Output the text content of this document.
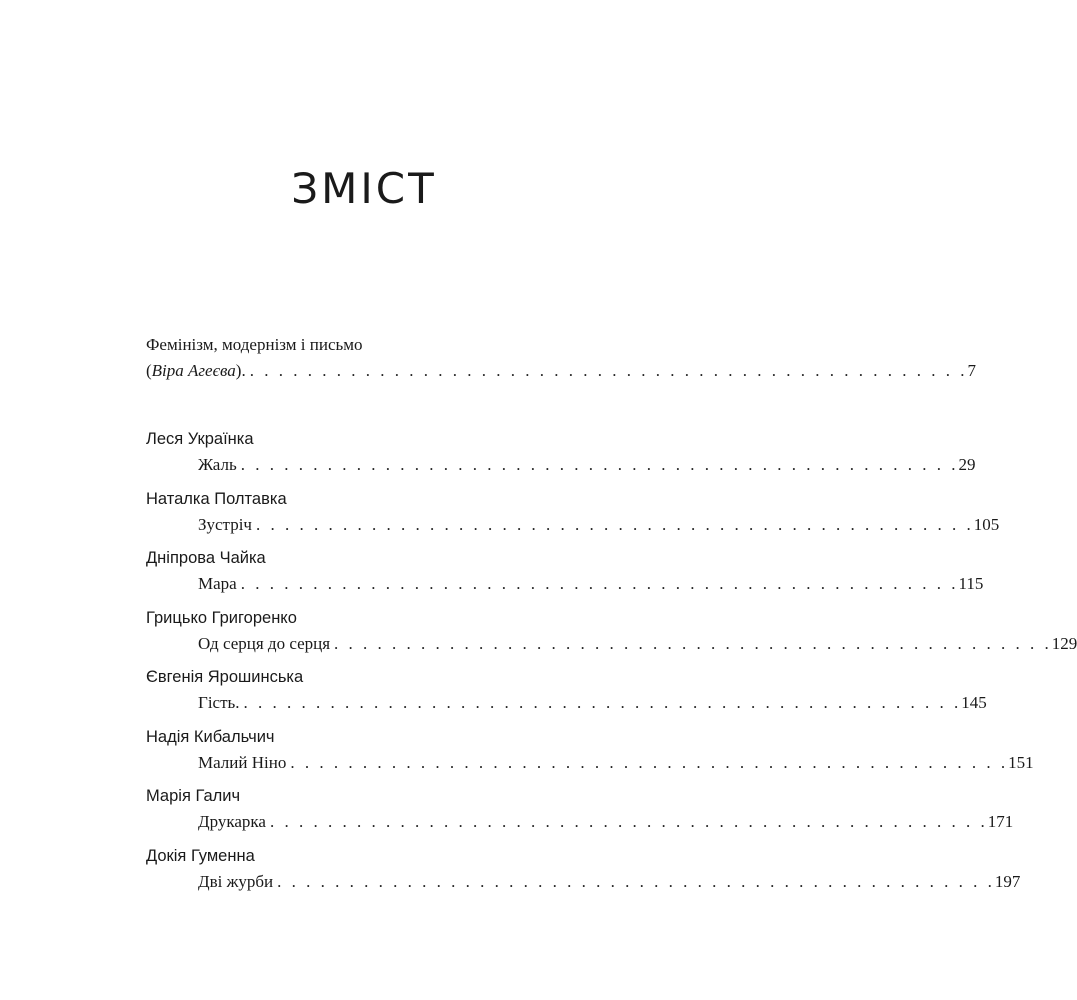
ЗМІСТ
Фемінізм, модернізм і письмо
(Віра Агеєва). . . . . . . . . . . . . . . . . . . . . . . . . . . . . . . . . . . . . . . . . . . . . . . . . . . 7
Леся Українка
Жаль . . . . . . . . . . . . . . . . . . . . . . . . . . . . . . . . . . . . . . . . . . . . . . . . . . 29
Наталка Полтавка
Зустріч . . . . . . . . . . . . . . . . . . . . . . . . . . . . . . . . . . . . . . . . . . . . . . . . . . 105
Дніпрова Чайка
Мара . . . . . . . . . . . . . . . . . . . . . . . . . . . . . . . . . . . . . . . . . . . . . . . . . . 115
Грицько Григоренко
Од серця до серця . . . . . . . . . . . . . . . . . . . . . . . . . . . . . . . . . . . . . . . . . . . . . . . . . . 129
Євгенія Ярошинська
Гість. . . . . . . . . . . . . . . . . . . . . . . . . . . . . . . . . . . . . . . . . . . . . . . . . . . 145
Надія Кибальчич
Малий Ніно . . . . . . . . . . . . . . . . . . . . . . . . . . . . . . . . . . . . . . . . . . . . . . . . . . 151
Марія Галич
Друкарка . . . . . . . . . . . . . . . . . . . . . . . . . . . . . . . . . . . . . . . . . . . . . . . . . . 171
Докія Гуменна
Дві журби . . . . . . . . . . . . . . . . . . . . . . . . . . . . . . . . . . . . . . . . . . . . . . . . . . 197
